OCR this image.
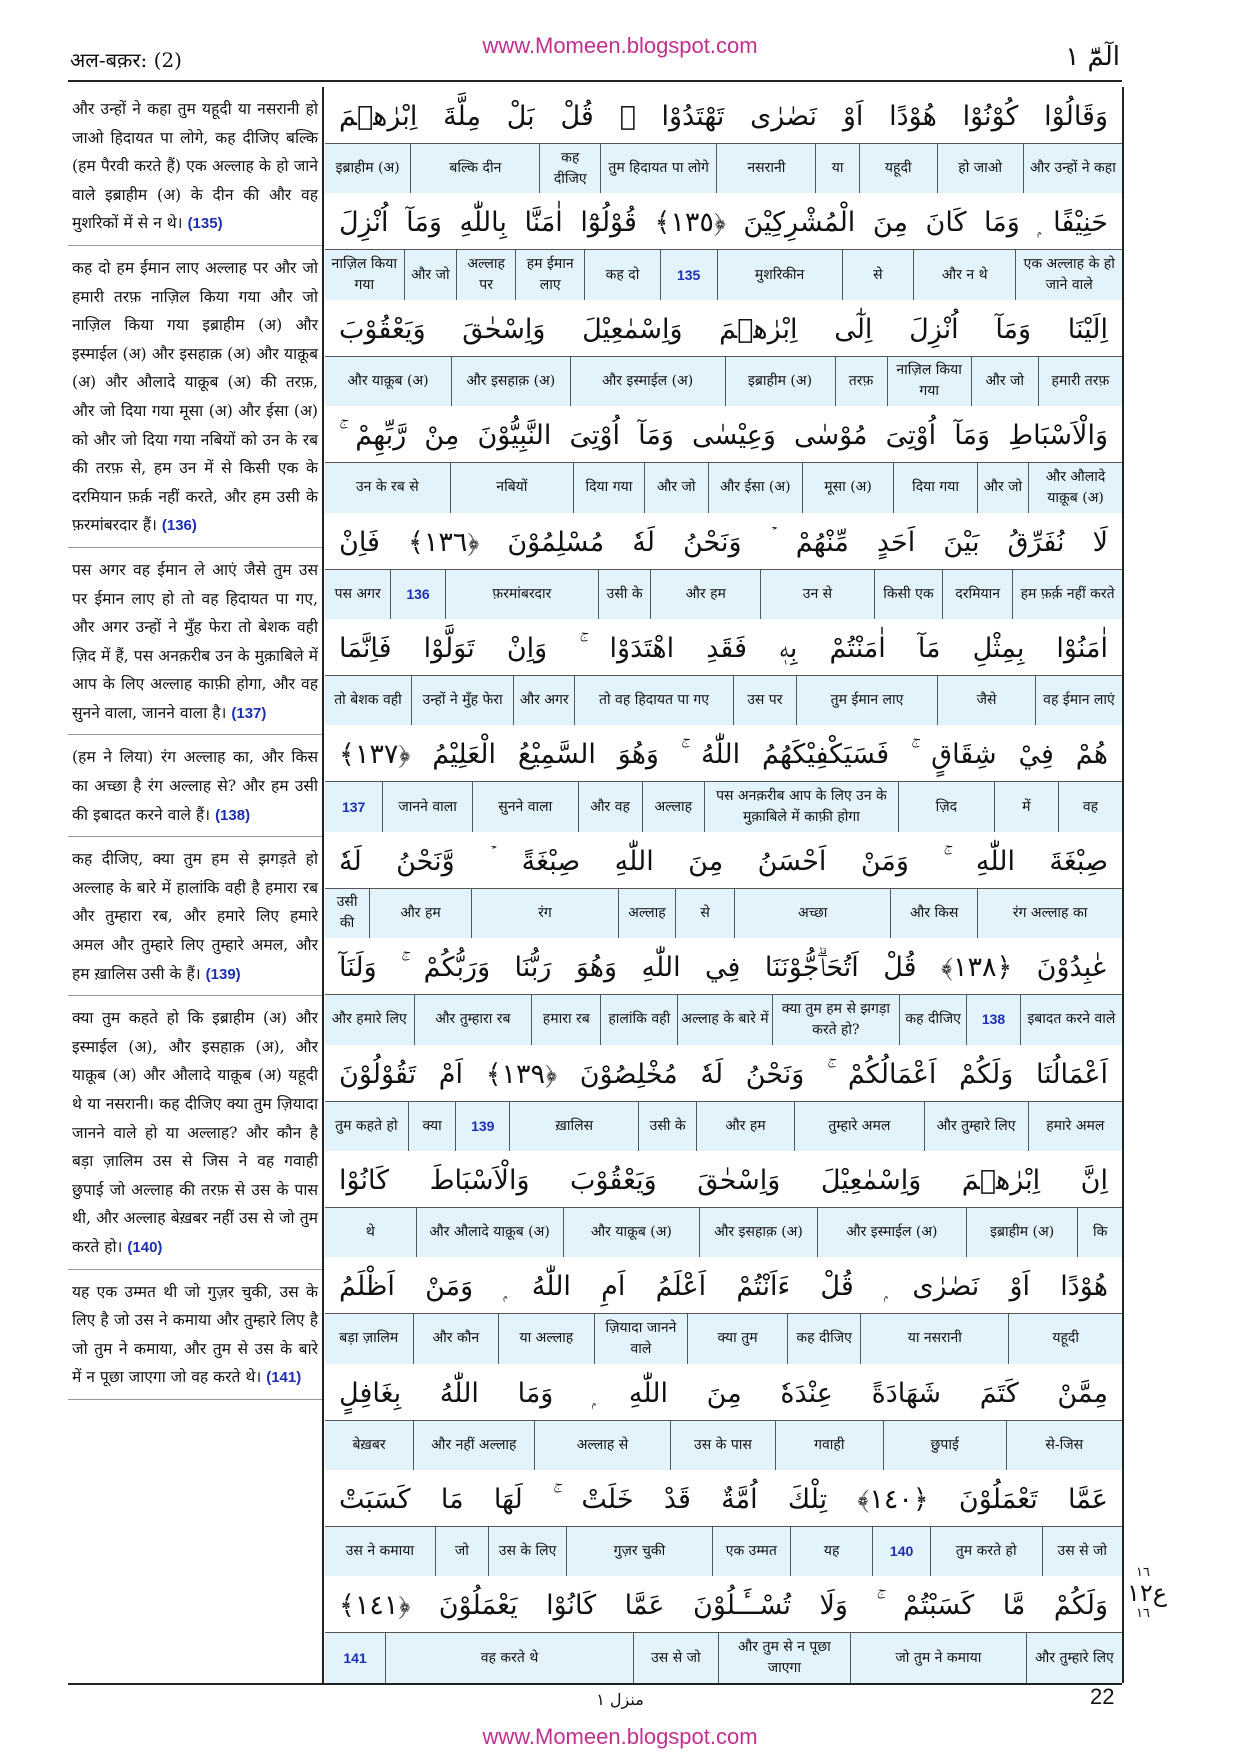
www.Momeen.blogspot.com
अल-बक़र: (2)	الٓمّٓ ١
और उन्हों ने कहा तुम यहूदी या नसरानी हो जाओ हिदायत पा लोगे, कह दीजिए बल्कि (हम पैरवी करते हैं) एक अल्लाह के हो जाने वाले इब्राहीम (अ) के दीन की और वह मुशरिकों में से न थे। (135)
कह दो हम ईमान लाए अल्लाह पर और जो हमारी तरफ़ नाज़िल किया गया और जो नाज़िल किया गया इब्राहीम (अ) और इस्माईल (अ) और इसहाक़ (अ) और याक़ूब (अ) और औलादे याक़ूब (अ) की तरफ़, और जो दिया गया मूसा (अ) और ईसा (अ) को और जो दिया गया नबियों को उन के रब की तरफ़ से, हम उन में से किसी एक के दरमियान फ़र्क़ नहीं करते, और हम उसी के फ़रमांबरदार हैं। (136)
पस अगर वह ईमान ले आएं जैसे तुम उस पर ईमान लाए हो तो वह हिदायत पा गए, और अगर उन्हों ने मुँह फेरा तो बेशक वही ज़िद में हैं, पस अनक़रीब उन के मुक़ाबिले में आप के लिए अल्लाह काफ़ी होगा, और वह सुनने वाला, जानने वाला है। (137)
(हम ने लिया) रंग अल्लाह का, और किस का अच्छा है रंग अल्लाह से? और हम उसी की इबादत करने वाले हैं। (138)
कह दीजिए, क्या तुम हम से झगड़ते हो अल्लाह के बारे में हालांकि वही है हमारा रब और तुम्हारा रब, और हमारे लिए हमारे अमल और तुम्हारे लिए तुम्हारे अमल, और हम ख़ालिस उसी के हैं। (139)
क्या तुम कहते हो कि इब्राहीम (अ) और इस्माईल (अ), और इसहाक़ (अ), और याक़ूब (अ) और औलादे याक़ूब (अ) यहूदी थे या नसरानी। कह दीजिए क्या तुम ज़ियादा जानने वाले हो या अल्लाह? और कौन है बड़ा ज़ालिम उस से जिस ने वह गवाही छुपाई जो अल्लाह की तरफ़ से उस के पास थी, और अल्लाह बेख़बर नहीं उस से जो तुम करते हो। (140)
यह एक उम्मत थी जो गुज़र चुकी, उस के लिए है जो उस ने कमाया और तुम्हारे लिए है जो तुम ने कमाया, और तुम से उस के बारे में न पूछा जाएगा जो वह करते थे। (141)
وَقَالُوْا كُوْنُوْا هُوْدًا اَوْ نَصٰرٰى تَهْتَدُوْا ۭ قُلْ بَلْ مِلَّةَ اِبْرٰهٖمَ
और उन्हों ने कहा
हो जाओ
यहूदी
या
नसरानी
तुम हिदायत पा लोगे
कह दीजिए
बल्कि दीन
इब्राहीम (अ)
حَنِيْفًا ۭ وَمَا كَانَ مِنَ الْمُشْرِكِيْنَ ﴿١٣٥﴾ قُوْلُوْٓا اٰمَنَّا بِاللّٰهِ وَمَآ اُنْزِلَ
एक अल्लाह के हो जाने वाले
और न थे
से
मुशरिकीन
135
कह दो
हम ईमान लाए
अल्लाह पर
और जो
नाज़िल किया गया
اِلَيْنَا وَمَآ اُنْزِلَ اِلٰٓى اِبْرٰهٖمَ وَاِسْمٰعِيْلَ وَاِسْحٰقَ وَيَعْقُوْبَ
हमारी तरफ़
और जो
नाज़िल किया गया
तरफ़
इब्राहीम (अ)
और इस्माईल (अ)
और इसहाक़ (अ)
और याक़ूब (अ)
وَالْاَسْبَاطِ وَمَآ اُوْتِىَ مُوْسٰى وَعِيْسٰى وَمَآ اُوْتِىَ النَّبِيُّوْنَ مِنْ رَّبِّهِمْ ۚ
और औलादे याक़ूब (अ)
और जो
दिया गया
मूसा (अ)
और ईसा (अ)
और जो
दिया गया
नबियों
उन के रब से
لَا نُفَرِّقُ بَيْنَ اَحَدٍ مِّنْهُمْ ۡ وَنَحْنُ لَهٗ مُسْلِمُوْنَ ﴿١٣٦﴾ فَاِنْ
हम फ़र्क़ नहीं करते
दरमियान
किसी एक
उन से
और हम
उसी के
फ़रमांबरदार
136
पस अगर
اٰمَنُوْا بِمِثْلِ مَآ اٰمَنْتُمْ بِهٖ فَقَدِ اهْتَدَوْا ۚ وَاِنْ تَوَلَّوْا فَاِنَّمَا
वह ईमान लाएं
जैसे
तुम ईमान लाए
उस पर
तो वह हिदायत पा गए
और अगर
उन्हों ने मुँह फेरा
तो बेशक वही
هُمْ فِيْ شِقَاقٍ ۚ فَسَيَكْفِيْكَهُمُ اللّٰهُ ۚ وَهُوَ السَّمِيْعُ الْعَلِيْمُ ﴿١٣٧﴾
वह
में
ज़िद
पस अनक़रीब आप के लिए उन के मुक़ाबिले में काफ़ी होगा
अल्लाह
और वह
सुनने वाला
जानने वाला
137
صِبْغَةَ اللّٰهِ ۚ وَمَنْ اَحْسَنُ مِنَ اللّٰهِ صِبْغَةً ۡ وَّنَحْنُ لَهٗ
रंग अल्लाह का
और किस
अच्छा
से
अल्लाह
रंग
और हम
उसी की
عٰبِدُوْنَ ﴿١٣٨﴾ قُلْ اَتُحَاۗجُّوْنَنَا فِي اللّٰهِ وَھُوَ رَبُّنَا وَرَبُّكُمْ ۚ وَلَنَآ
इबादत करने वाले
138
कह दीजिए
क्या तुम हम से झगड़ा करते हो?
अल्लाह के बारे में
हालांकि वही
हमारा रब
और तुम्हारा रब
और हमारे लिए
اَعْمَالُنَا وَلَكُمْ اَعْمَالُكُمْ ۚ وَنَحْنُ لَهٗ مُخْلِصُوْنَ ﴿١٣٩﴾ اَمْ تَقُوْلُوْنَ
हमारे अमल
और तुम्हारे लिए
तुम्हारे अमल
और हम
उसी के
ख़ालिस
139
क्या
तुम कहते हो
اِنَّ اِبْرٰهٖمَ وَاِسْمٰعِيْلَ وَاِسْحٰقَ وَيَعْقُوْبَ وَالْاَسْبَاطَ كَانُوْا
कि
इब्राहीम (अ)
और इस्माईल (अ)
और इसहाक़ (अ)
और याक़ूब (अ)
और औलादे याक़ूब (अ)
थे
هُوْدًا اَوْ نَصٰرٰى ۭ قُلْ ءَاَنْتُمْ اَعْلَمُ اَمِ اللّٰهُ ۭ وَمَنْ اَظْلَمُ
यहूदी
या नसरानी
कह दीजिए
क्या तुम
ज़ियादा जानने वाले
या अल्लाह
और कौन
बड़ा ज़ालिम
مِمَّنْ كَتَمَ شَهَادَةً عِنْدَهٗ مِنَ اللّٰهِ ۭ وَمَا اللّٰهُ بِغَافِلٍ
से-जिस
छुपाई
गवाही
उस के पास
अल्लाह से
और नहीं अल्लाह
बेख़बर
عَمَّا تَعْمَلُوْنَ ﴿١٤٠﴾ تِلْكَ اُمَّةٌ قَدْ خَلَتْ ۚ لَهَا مَا كَسَبَتْ
उस से जो
तुम करते हो
140
यह
एक उम्मत
गुज़र चुकी
उस के लिए
जो
उस ने कमाया
وَلَكُمْ مَّا كَسَبْتُمْ ۚ وَلَا تُسْــَٔـلُوْنَ عَمَّا كَانُوْا يَعْمَلُوْنَ ﴿١٤١﴾
और तुम्हारे लिए
जो तुम ने कमाया
और तुम से न पूछा जाएगा
उस से जो
वह करते थे
141
١٦
ع١٢
١٦
منزل ١	22
www.Momeen.blogspot.com
